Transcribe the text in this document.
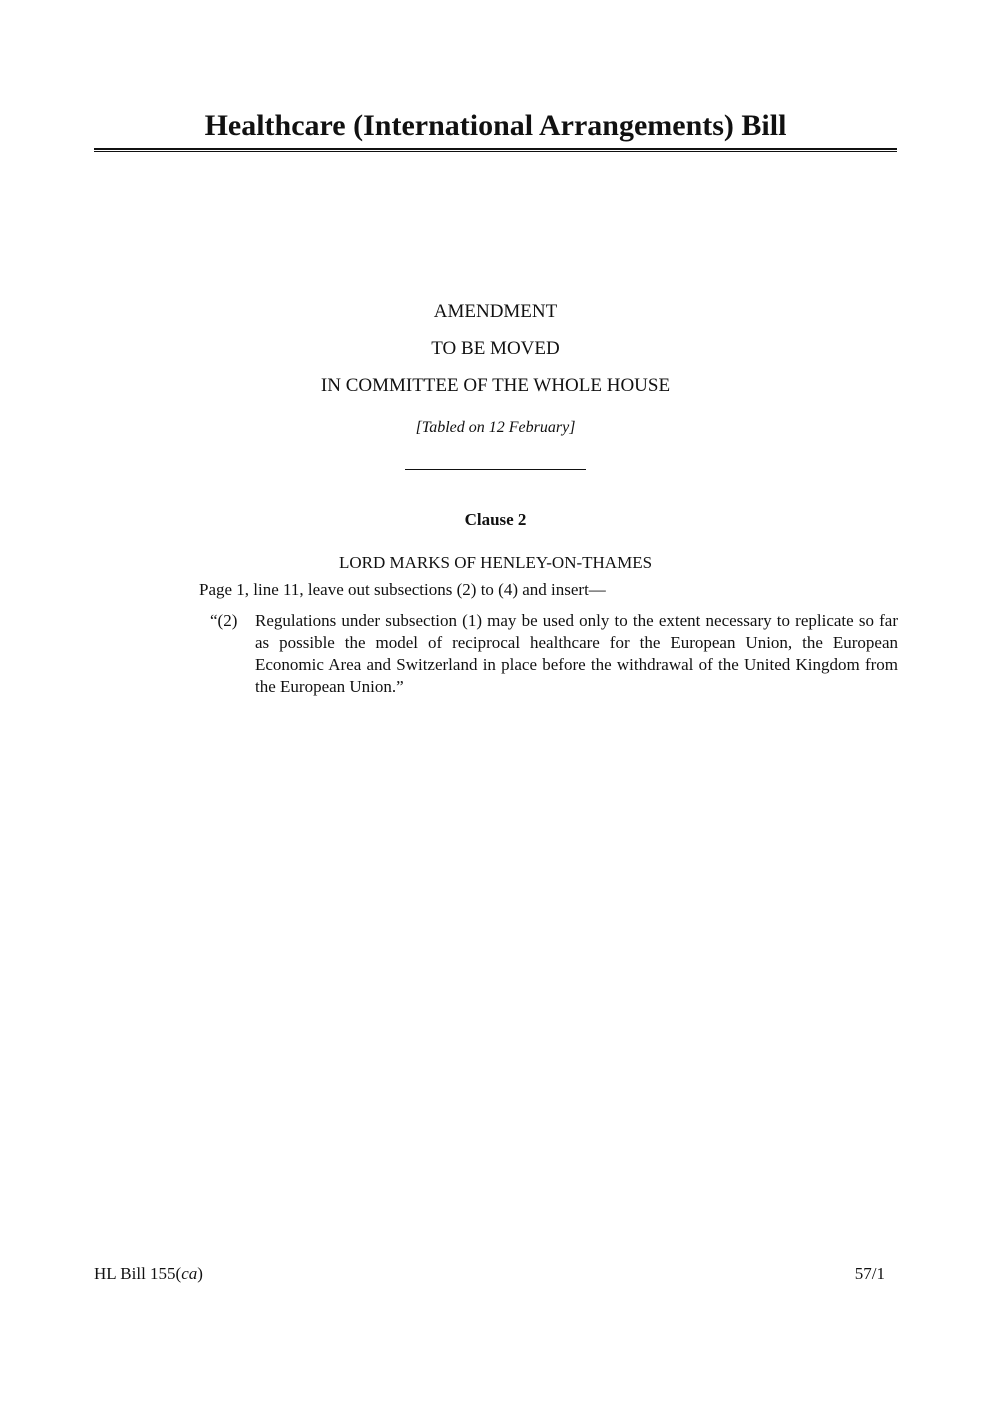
Healthcare (International Arrangements) Bill

AMENDMENT

TO BE MOVED

IN COMMITTEE OF THE WHOLE HOUSE

[Tabled on 12 February]

Clause 2

LORD MARKS OF HENLEY-ON-THAMES

Page 1, line 11, leave out subsections (2) to (4) and insert—

“(2)	Regulations under subsection (1) may be used only to the extent necessary to replicate so far as possible the model of reciprocal healthcare for the European Union, the European Economic Area and Switzerland in place before the withdrawal of the United Kingdom from the European Union.”

HL Bill 155(ca)	57/1
